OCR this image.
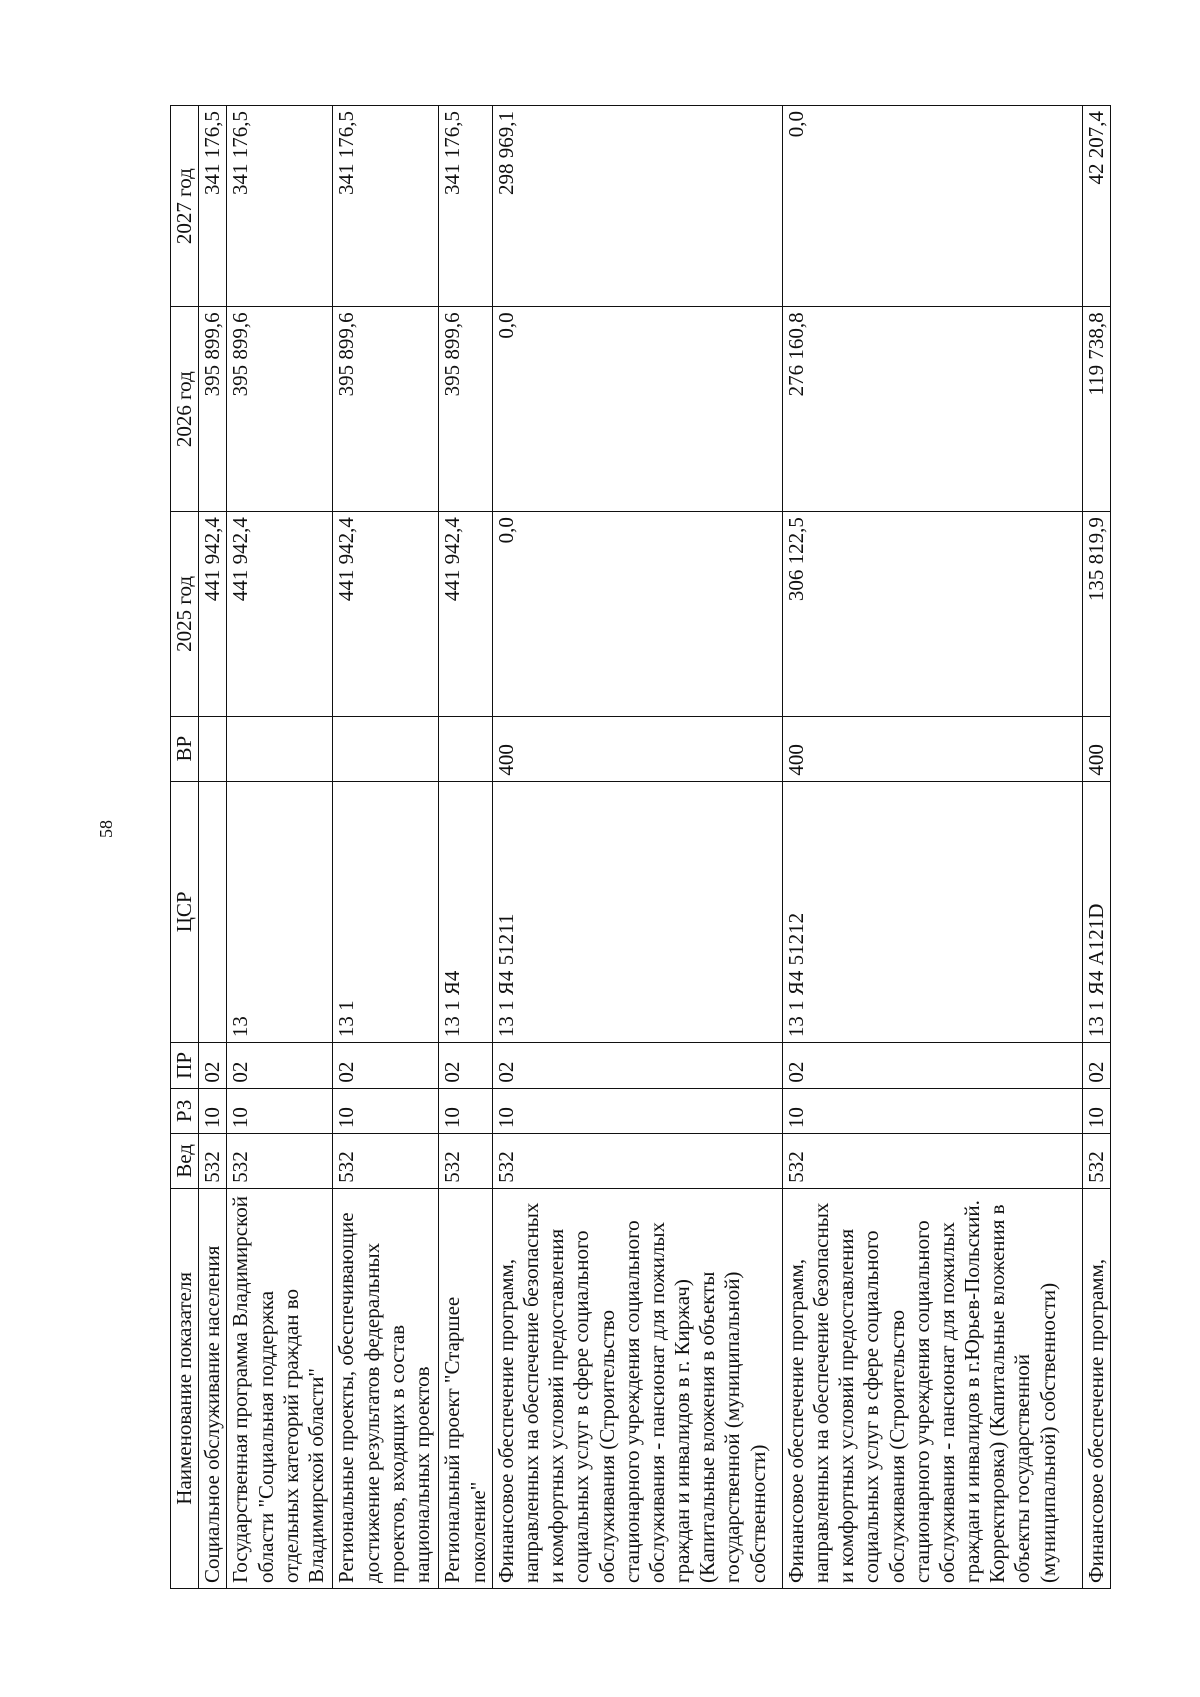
58
Наименование показателя	Вед	РЗ	ПР	ЦСР	ВР	2025 год	2026 год	2027 год
Социальное обслуживание населения	532	10	02			441 942,4	395 899,6	341 176,5
Государственная программа Владимирской области "Социальная поддержка отдельных категорий граждан во Владимирской области"	532	10	02	13		441 942,4	395 899,6	341 176,5
Региональные проекты, обеспечивающие достижение результатов федеральных проектов, входящих в состав национальных проектов	532	10	02	13 1		441 942,4	395 899,6	341 176,5
Региональный проект "Старшее поколение"	532	10	02	13 1 Я4		441 942,4	395 899,6	341 176,5
Финансовое обеспечение программ, направленных на обеспечение безопасных и комфортных условий предоставления социальных услуг в сфере социального обслуживания (Строительство стационарного учреждения социального обслуживания - пансионат для пожилых граждан и инвалидов в г. Киржач) (Капитальные вложения в объекты государственной (муниципальной) собственности)	532	10	02	13 1 Я4 51211	400	0,0	0,0	298 969,1
Финансовое обеспечение программ, направленных на обеспечение безопасных и комфортных условий предоставления социальных услуг в сфере социального обслуживания (Строительство стационарного учреждения социального обслуживания - пансионат для пожилых граждан и инвалидов в г.Юрьев-Польский. Корректировка) (Капитальные вложения в объекты государственной (муниципальной) собственности)	532	10	02	13 1 Я4 51212	400	306 122,5	276 160,8	0,0
Финансовое обеспечение программ,	532	10	02	13 1 Я4 А121D	400	135 819,9	119 738,8	42 207,4
